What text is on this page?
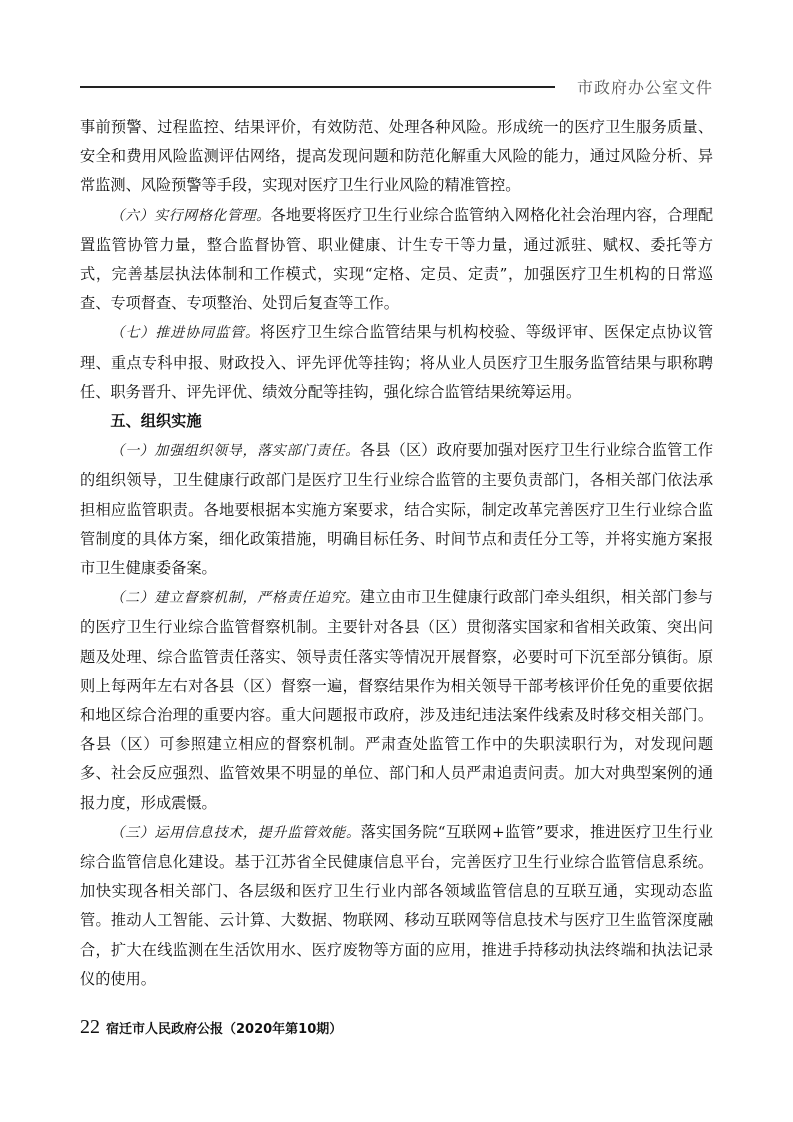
市政府办公室文件

事前预警、过程监控、结果评价，有效防范、处理各种风险。形成统一的医疗卫生服务质量、安全和费用风险监测评估网络，提高发现问题和防范化解重大风险的能力，通过风险分析、异常监测、风险预警等手段，实现对医疗卫生行业风险的精准管控。

（六）实行网格化管理。各地要将医疗卫生行业综合监管纳入网格化社会治理内容，合理配置监管协管力量，整合监督协管、职业健康、计生专干等力量，通过派驻、赋权、委托等方式，完善基层执法体制和工作模式，实现“定格、定员、定责”，加强医疗卫生机构的日常巡查、专项督查、专项整治、处罚后复查等工作。

（七）推进协同监管。将医疗卫生综合监管结果与机构校验、等级评审、医保定点协议管理、重点专科申报、财政投入、评先评优等挂钩；将从业人员医疗卫生服务监管结果与职称聘任、职务晋升、评先评优、绩效分配等挂钩，强化综合监管结果统筹运用。

五、组织实施

（一）加强组织领导，落实部门责任。各县（区）政府要加强对医疗卫生行业综合监管工作的组织领导，卫生健康行政部门是医疗卫生行业综合监管的主要负责部门，各相关部门依法承担相应监管职责。各地要根据本实施方案要求，结合实际，制定改革完善医疗卫生行业综合监管制度的具体方案，细化政策措施，明确目标任务、时间节点和责任分工等，并将实施方案报市卫生健康委备案。

（二）建立督察机制，严格责任追究。建立由市卫生健康行政部门牵头组织，相关部门参与的医疗卫生行业综合监管督察机制。主要针对各县（区）贯彻落实国家和省相关政策、突出问题及处理、综合监管责任落实、领导责任落实等情况开展督察，必要时可下沉至部分镇街。原则上每两年左右对各县（区）督察一遍，督察结果作为相关领导干部考核评价任免的重要依据和地区综合治理的重要内容。重大问题报市政府，涉及违纪违法案件线索及时移交相关部门。各县（区）可参照建立相应的督察机制。严肃查处监管工作中的失职渎职行为，对发现问题多、社会反应强烈、监管效果不明显的单位、部门和人员严肃追责问责。加大对典型案例的通报力度，形成震慑。

（三）运用信息技术，提升监管效能。落实国务院“互联网+监管”要求，推进医疗卫生行业综合监管信息化建设。基于江苏省全民健康信息平台，完善医疗卫生行业综合监管信息系统。加快实现各相关部门、各层级和医疗卫生行业内部各领域监管信息的互联互通，实现动态监管。推动人工智能、云计算、大数据、物联网、移动互联网等信息技术与医疗卫生监管深度融合，扩大在线监测在生活饮用水、医疗废物等方面的应用，推进手持移动执法终端和执法记录仪的使用。

22 宿迁市人民政府公报（2020年第10期）
